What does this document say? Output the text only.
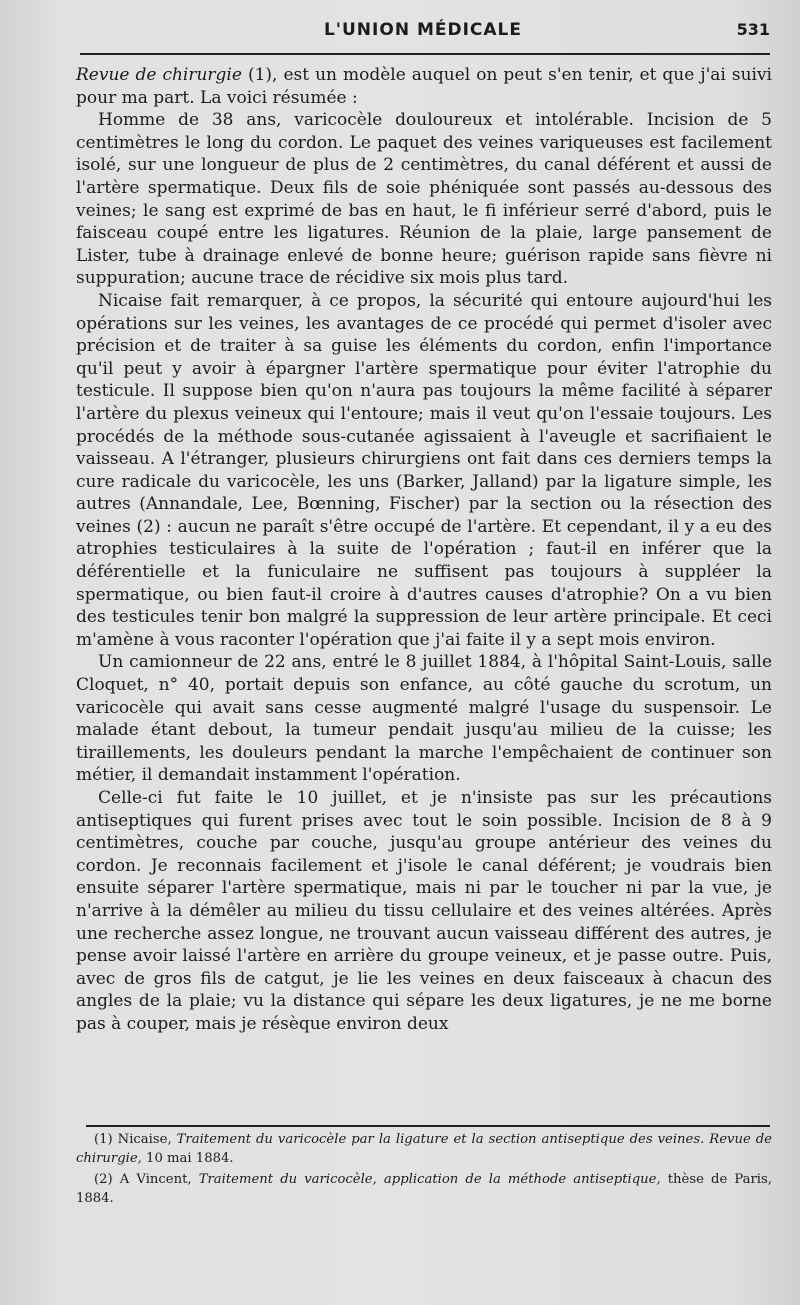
L'UNION MÉDICALE	531

Revue de chirurgie (1), est un modèle auquel on peut s'en tenir, et que j'ai suivi pour ma part. La voici résumée :

Homme de 38 ans, varicocèle douloureux et intolérable. Incision de 5 centimètres le long du cordon. Le paquet des veines variqueuses est facilement isolé, sur une longueur de plus de 2 centimètres, du canal déférent et aussi de l'artère spermatique. Deux fils de soie phéniquée sont passés au-dessous des veines; le sang est exprimé de bas en haut, le fi inférieur serré d'abord, puis le faisceau coupé entre les ligatures. Réunion de la plaie, large pansement de Lister, tube à drainage enlevé de bonne heure; guérison rapide sans fièvre ni suppuration; aucune trace de récidive six mois plus tard.

Nicaise fait remarquer, à ce propos, la sécurité qui entoure aujourd'hui les opérations sur les veines, les avantages de ce procédé qui permet d'isoler avec précision et de traiter à sa guise les éléments du cordon, enfin l'importance qu'il peut y avoir à épargner l'artère spermatique pour éviter l'atrophie du testicule. Il suppose bien qu'on n'aura pas toujours la même facilité à séparer l'artère du plexus veineux qui l'entoure; mais il veut qu'on l'essaie toujours. Les procédés de la méthode sous-cutanée agissaient à l'aveugle et sacrifiaient le vaisseau. A l'étranger, plusieurs chirurgiens ont fait dans ces derniers temps la cure radicale du varicocèle, les uns (Barker, Jalland) par la ligature simple, les autres (Annandale, Lee, Bœnning, Fischer) par la section ou la résection des veines (2) : aucun ne paraît s'être occupé de l'artère. Et cependant, il y a eu des atrophies testiculaires à la suite de l'opération ; faut-il en inférer que la déférentielle et la funiculaire ne suffisent pas toujours à suppléer la spermatique, ou bien faut-il croire à d'autres causes d'atrophie? On a vu bien des testicules tenir bon malgré la suppression de leur artère principale. Et ceci m'amène à vous raconter l'opération que j'ai faite il y a sept mois environ.

Un camionneur de 22 ans, entré le 8 juillet 1884, à l'hôpital Saint-Louis, salle Cloquet, n° 40, portait depuis son enfance, au côté gauche du scrotum, un varicocèle qui avait sans cesse augmenté malgré l'usage du suspensoir. Le malade étant debout, la tumeur pendait jusqu'au milieu de la cuisse; les tiraillements, les douleurs pendant la marche l'empêchaient de continuer son métier, il demandait instamment l'opération.

Celle-ci fut faite le 10 juillet, et je n'insiste pas sur les précautions antiseptiques qui furent prises avec tout le soin possible. Incision de 8 à 9 centimètres, couche par couche, jusqu'au groupe antérieur des veines du cordon. Je reconnais facilement et j'isole le canal déférent; je voudrais bien ensuite séparer l'artère spermatique, mais ni par le toucher ni par la vue, je n'arrive à la démêler au milieu du tissu cellulaire et des veines altérées. Après une recherche assez longue, ne trouvant aucun vaisseau différent des autres, je pense avoir laissé l'artère en arrière du groupe veineux, et je passe outre. Puis, avec de gros fils de catgut, je lie les veines en deux faisceaux à chacun des angles de la plaie; vu la distance qui sépare les deux ligatures, je ne me borne pas à couper, mais je résèque environ deux

(1) Nicaise, Traitement du varicocèle par la ligature et la section antiseptique des veines. Revue de chirurgie, 10 mai 1884.

(2) A Vincent, Traitement du varicocèle, application de la méthode antiseptique, thèse de Paris, 1884.
